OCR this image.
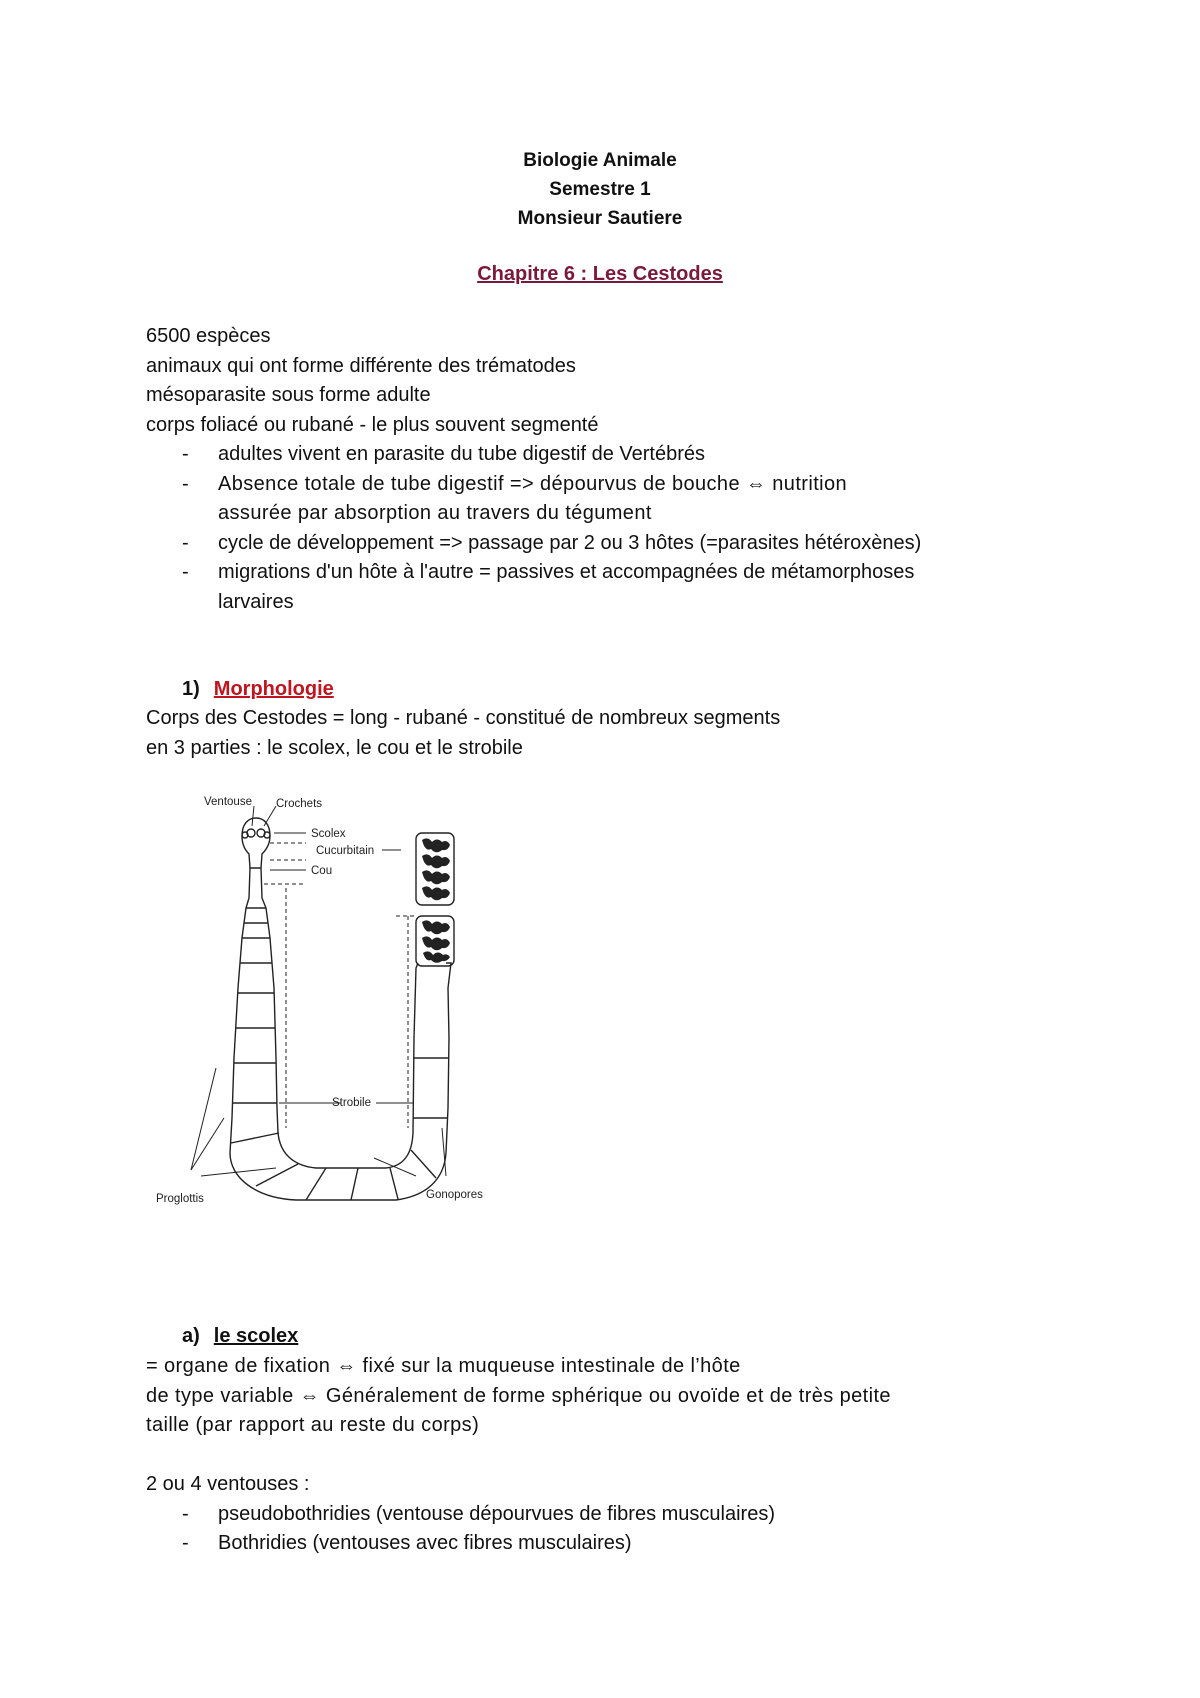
Biologie Animale
Semestre 1
Monsieur Sautiere
Chapitre 6 : Les Cestodes

6500 espèces

animaux qui ont forme différente des trématodes

mésoparasite sous forme adulte

corps foliacé ou rubané - le plus souvent segmenté

- adultes vivent en parasite du tube digestif de Vertébrés
- Absence totale de tube digestif => dépourvus de bouche ⇔ nutrition assurée par absorption au travers du tégument
- cycle de développement => passage par 2 ou 3 hôtes (=parasites hétéroxènes)
- migrations d'un hôte à l'autre = passives et accompagnées de métamorphoses larvaires
1) Morphologie

Corps des Cestodes = long - rubané - constitué de nombreux segments

en 3 parties : le scolex, le cou et le strobile

Ventouse Crochets
Scolex
Cucurbitain
Cou
Strobile
Proglottis	Gonopores
a) le scolex

= organe de fixation ⇔ fixé sur la muqueuse intestinale de l’hôte

de type variable ⇔ Généralement de forme sphérique ou ovoïde et de très petite

taille (par rapport au reste du corps)

2 ou 4 ventouses :

- pseudobothridies (ventouse dépourvues de fibres musculaires)
- Bothridies (ventouses avec fibres musculaires)
